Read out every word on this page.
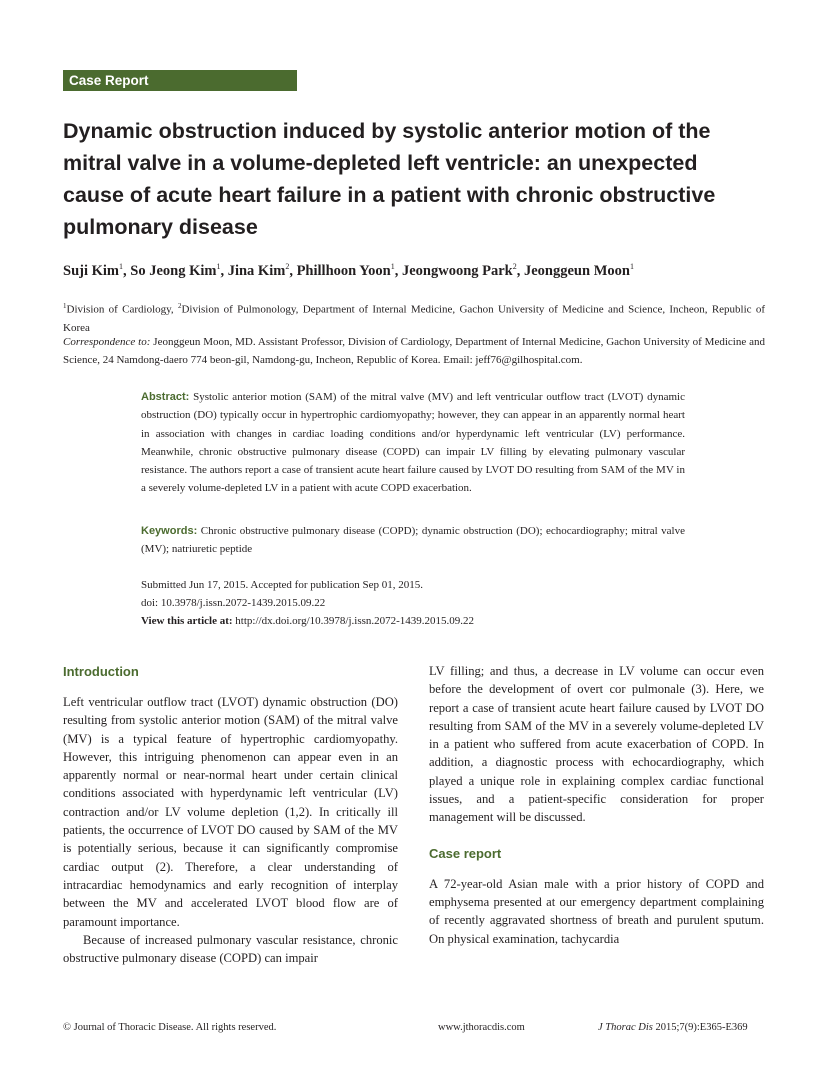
Case Report
Dynamic obstruction induced by systolic anterior motion of the mitral valve in a volume-depleted left ventricle: an unexpected cause of acute heart failure in a patient with chronic obstructive pulmonary disease

Suji Kim$^1$, So Jeong Kim$^1$, Jina Kim$^2$, Phillhoon Yoon$^1$, Jeongwoong Park$^2$, Jeonggeun Moon$^1$

$^1$Division of Cardiology, $^2$Division of Pulmonology, Department of Internal Medicine, Gachon University of Medicine and Science, Incheon, Republic of Korea

Correspondence to: Jeonggeun Moon, MD. Assistant Professor, Division of Cardiology, Department of Internal Medicine, Gachon University of Medicine and Science, 24 Namdong-daero 774 beon-gil, Namdong-gu, Incheon, Republic of Korea. Email: jeff76@gilhospital.com.

Abstract: Systolic anterior motion (SAM) of the mitral valve (MV) and left ventricular outflow tract (LVOT) dynamic obstruction (DO) typically occur in hypertrophic cardiomyopathy; however, they can appear in an apparently normal heart in association with changes in cardiac loading conditions and/or hyperdynamic left ventricular (LV) performance. Meanwhile, chronic obstructive pulmonary disease (COPD) can impair LV filling by elevating pulmonary vascular resistance. The authors report a case of transient acute heart failure caused by LVOT DO resulting from SAM of the MV in a severely volume-depleted LV in a patient with acute COPD exacerbation.

Keywords: Chronic obstructive pulmonary disease (COPD); dynamic obstruction (DO); echocardiography; mitral valve (MV); natriuretic peptide

Submitted Jun 17, 2015. Accepted for publication Sep 01, 2015.
doi: 10.3978/j.issn.2072-1439.2015.09.22
View this article at: http://dx.doi.org/10.3978/j.issn.2072-1439.2015.09.22
Introduction

Left ventricular outflow tract (LVOT) dynamic obstruction (DO) resulting from systolic anterior motion (SAM) of the mitral valve (MV) is a typical feature of hypertrophic cardiomyopathy. However, this intriguing phenomenon can appear even in an apparently normal or near-normal heart under certain clinical conditions associated with hyperdynamic left ventricular (LV) contraction and/or LV volume depletion (1,2). In critically ill patients, the occurrence of LVOT DO caused by SAM of the MV is potentially serious, because it can significantly compromise cardiac output (2). Therefore, a clear understanding of intracardiac hemodynamics and early recognition of interplay between the MV and accelerated LVOT blood flow are of paramount importance.

Because of increased pulmonary vascular resistance, chronic obstructive pulmonary disease (COPD) can impair

LV filling; and thus, a decrease in LV volume can occur even before the development of overt cor pulmonale (3). Here, we report a case of transient acute heart failure caused by LVOT DO resulting from SAM of the MV in a severely volume-depleted LV in a patient who suffered from acute exacerbation of COPD. In addition, a diagnostic process with echocardiography, which played a unique role in explaining complex cardiac functional issues, and a patient-specific consideration for proper management will be discussed.

Case report

A 72-year-old Asian male with a prior history of COPD and emphysema presented at our emergency department complaining of recently aggravated shortness of breath and purulent sputum. On physical examination, tachycardia

© Journal of Thoracic Disease. All rights reserved.	www.jthoracdis.com	J Thorac Dis 2015;7(9):E365-E369
